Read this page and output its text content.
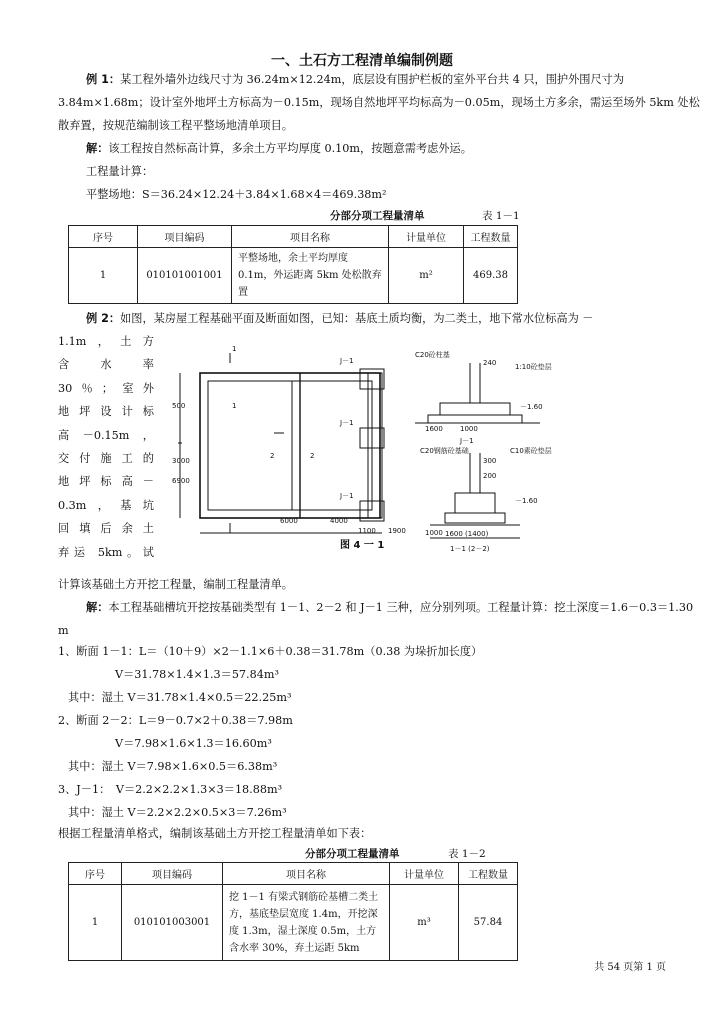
一、土石方工程清单编制例题
例 1：某工程外墙外边线尺寸为 36.24m×12.24m，底层设有围护栏板的室外平台共 4 只，围护外围尺寸为 3.84m×1.68m；设计室外地坪土方标高为－0.15m，现场自然地坪平均标高为－0.05m，现场土方多余，需运至场外 5km 处松散弃置，按规范编制该工程平整场地清单项目。
解：该工程按自然标高计算，多余土方平均厚度 0.10m，按题意需考虑外运。
工程量计算：
平整场地：S＝36.24×12.24＋3.84×1.68×4＝469.38m²
分部分项工程量清单	表 1－1
序号	项目编码	项目名称	计量单位	工程数量
1	010101001001	平整场地，余土平均厚度 0.1m，外运距离 5km 处松散弃置	m²	469.38
例 2：如图，某房屋工程基础平面及断面如图，已知：基底土质均衡，为二类土，地下常水位标高为 －
1.1m，土方
含 水 率
30％；室外
地坪设计标
高－0.15m，
交付施工的
地坪标高－
0.3m，基坑
回填后余土
弃运 5km。试
6000	4000
1100 1900
3000
6900
500
1
1
2	2
J－1
J－1
J－1
C20砼柱基
240	1:10砼垫层
1000
1600
－1.60
J－1
300
200
C20钢筋砼基础	C10素砼垫层
1000
－1.60
1－1 (2－2)
1600 (1400)
图 4 一 1
计算该基础土方开挖工程量，编制工程量清单。
解：本工程基础槽坑开挖按基础类型有 1－1、2－2 和 J－1 三种，应分别列项。工程量计算：挖土深度＝1.6－0.3＝1.30 m
1、断面 1－1：L＝（10＋9）×2－1.1×6＋0.38＝31.78m（0.38 为垛折加长度）
V＝31.78×1.4×1.3＝57.84m³
其中：湿土 V＝31.78×1.4×0.5＝22.25m³
2、断面 2－2：L＝9－0.7×2＋0.38＝7.98m
V＝7.98×1.6×1.3＝16.60m³
其中：湿土 V＝7.98×1.6×0.5＝6.38m³
3、J－1：　V＝2.2×2.2×1.3×3＝18.88m³
其中：湿土 V＝2.2×2.2×0.5×3＝7.26m³
根据工程量清单格式，编制该基础土方开挖工程量清单如下表：
分部分项工程量清单	表 1－2
序号	项目编码	项目名称	计量单位	工程数量
1	010101003001	挖 1－1 有梁式钢筋砼基槽二类土方，基底垫层宽度 1.4m，开挖深度 1.3m，湿土深度 0.5m，土方含水率 30%，弃土运距 5km	m³	57.84
共 54 页第 1 页
